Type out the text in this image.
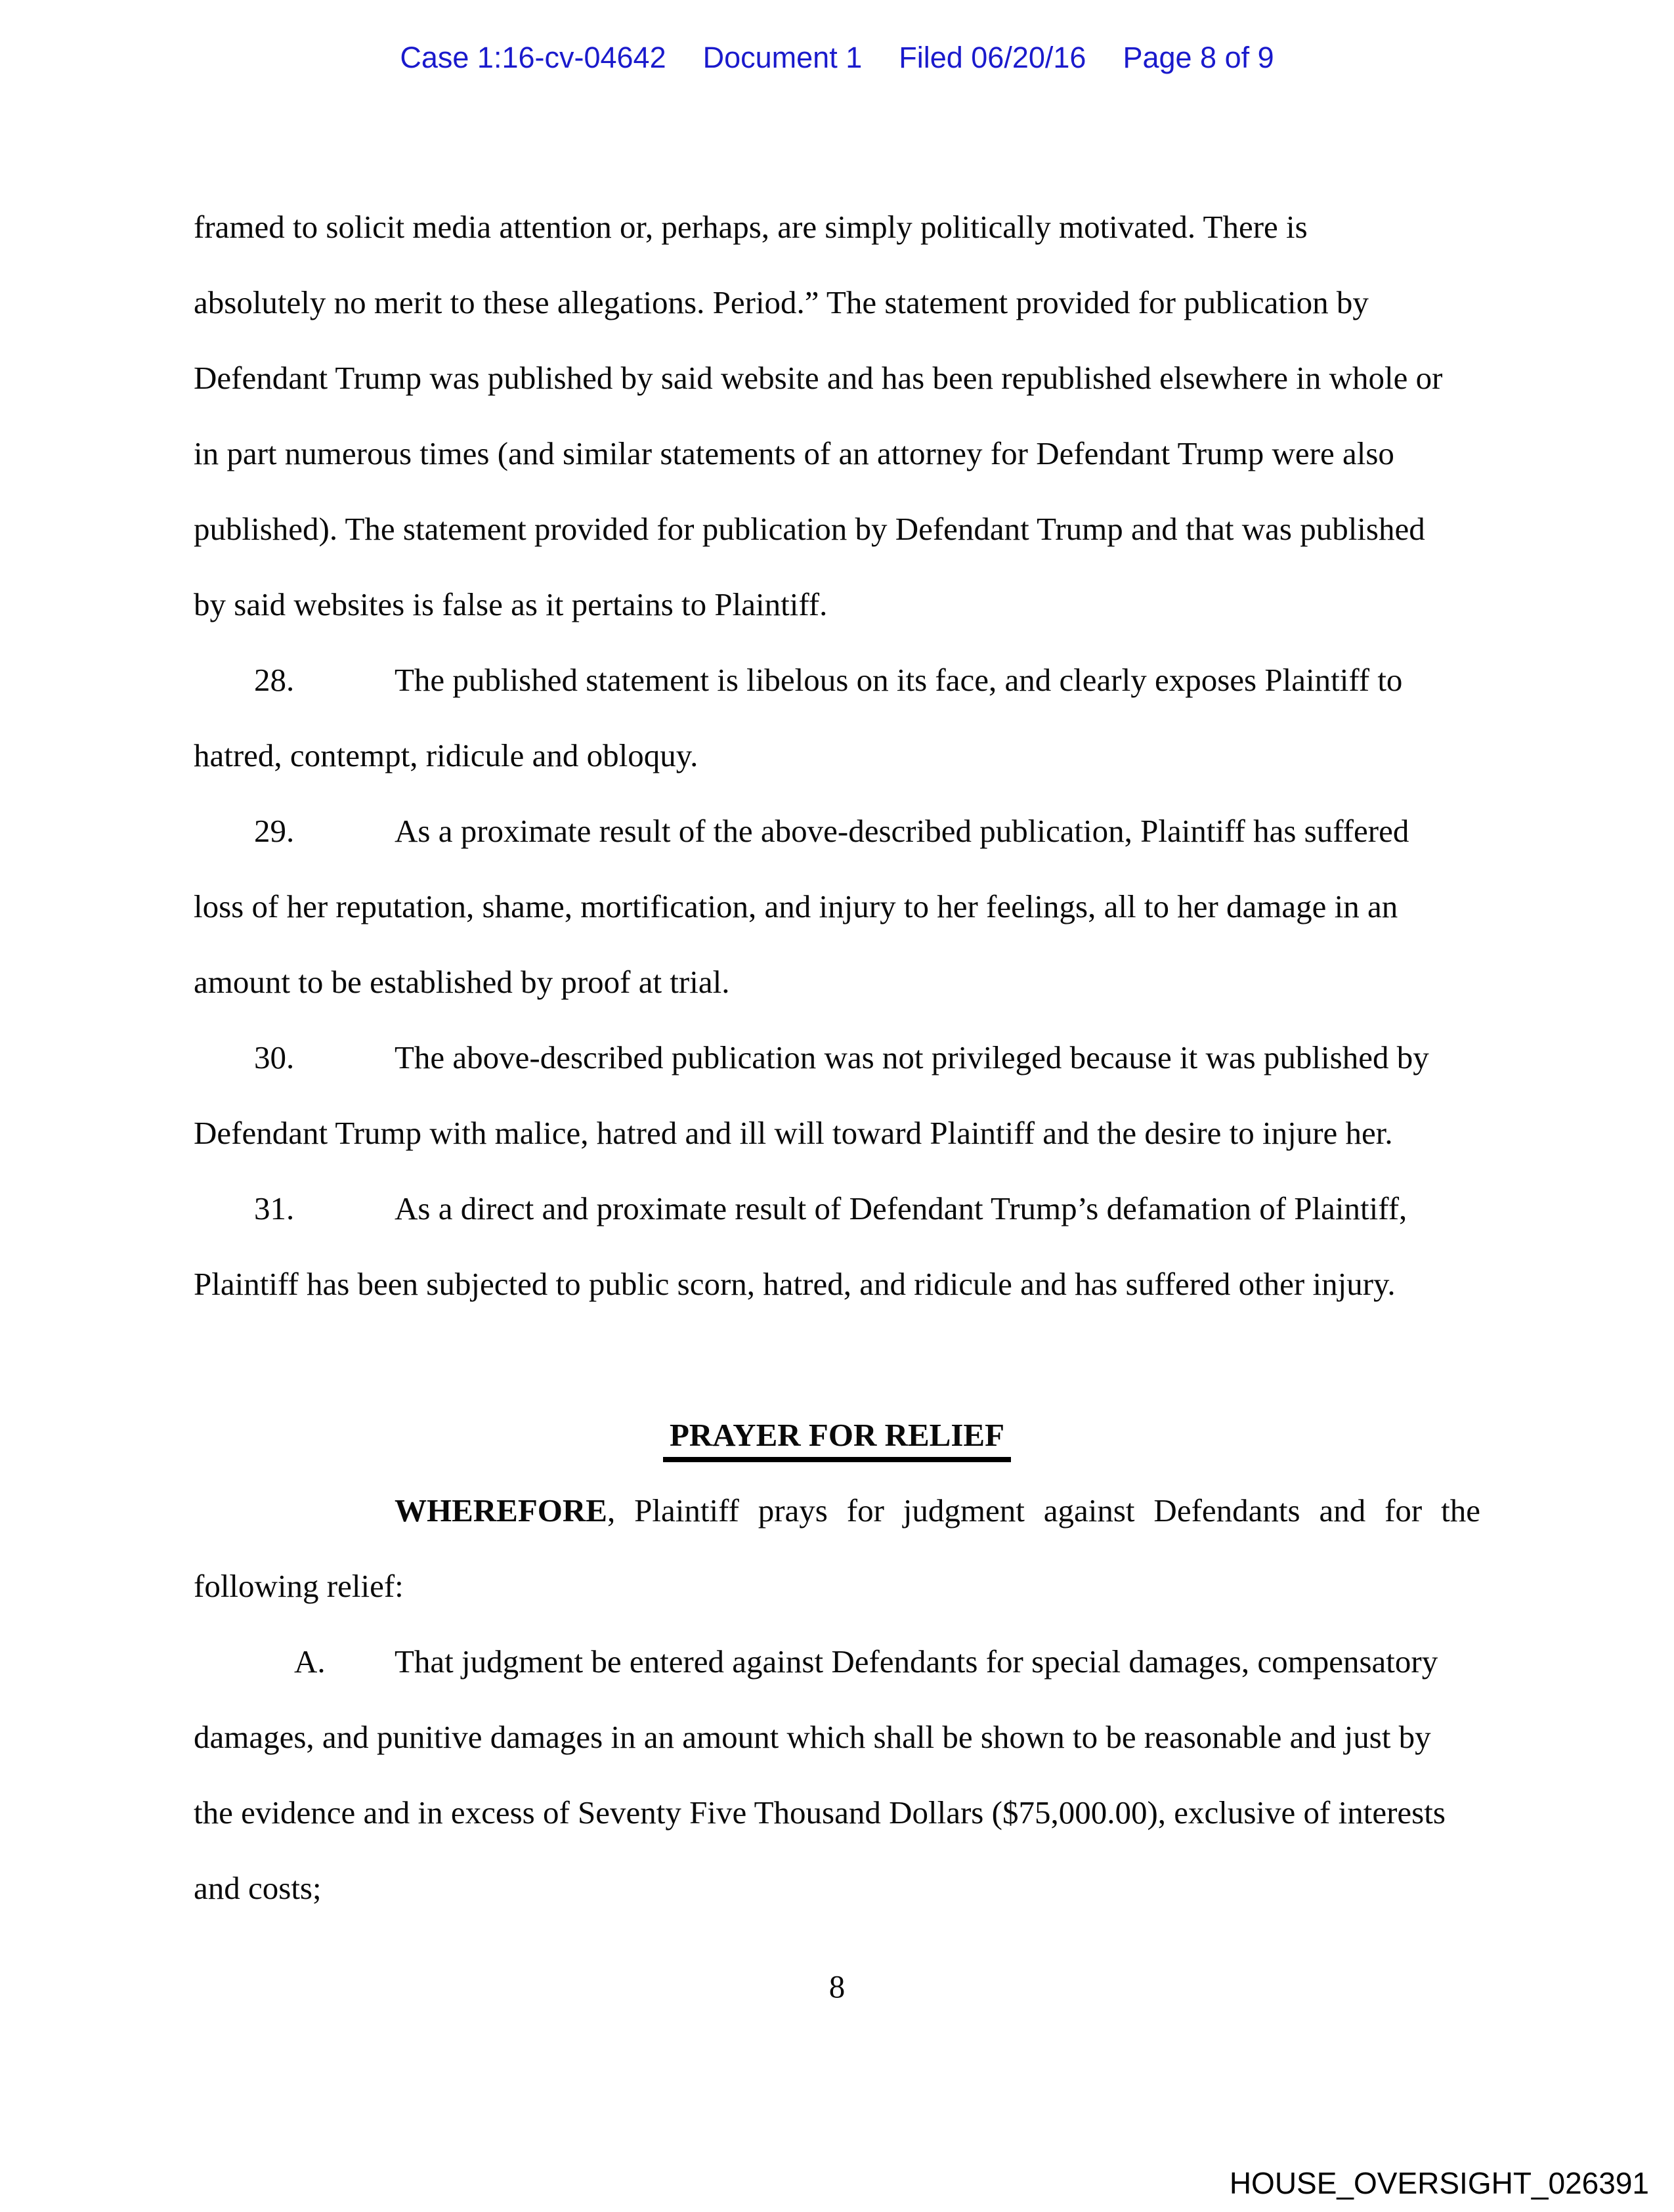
Case 1:16-cv-04642 Document 1 Filed 06/20/16 Page 8 of 9
framed to solicit media attention or, perhaps, are simply politically motivated. There is
absolutely no merit to these allegations. Period.” The statement provided for publication by
Defendant Trump was published by said website and has been republished elsewhere in whole or
in part numerous times (and similar statements of an attorney for Defendant Trump were also
published). The statement provided for publication by Defendant Trump and that was published
by said websites is false as it pertains to Plaintiff.
28.	The published statement is libelous on its face, and clearly exposes Plaintiff to
hatred, contempt, ridicule and obloquy.
29.	As a proximate result of the above-described publication, Plaintiff has suffered
loss of her reputation, shame, mortification, and injury to her feelings, all to her damage in an
amount to be established by proof at trial.
30.	The above-described publication was not privileged because it was published by
Defendant Trump with malice, hatred and ill will toward Plaintiff and the desire to injure her.
31.	As a direct and proximate result of Defendant Trump’s defamation of Plaintiff,
Plaintiff has been subjected to public scorn, hatred, and ridicule and has suffered other injury.
PRAYER FOR RELIEF
WHEREFORE, Plaintiff prays for judgment against Defendants and for the
following relief:
A.	That judgment be entered against Defendants for special damages, compensatory
damages, and punitive damages in an amount which shall be shown to be reasonable and just by
the evidence and in excess of Seventy Five Thousand Dollars ($75,000.00), exclusive of interests
and costs;
8
HOUSE_OVERSIGHT_026391
